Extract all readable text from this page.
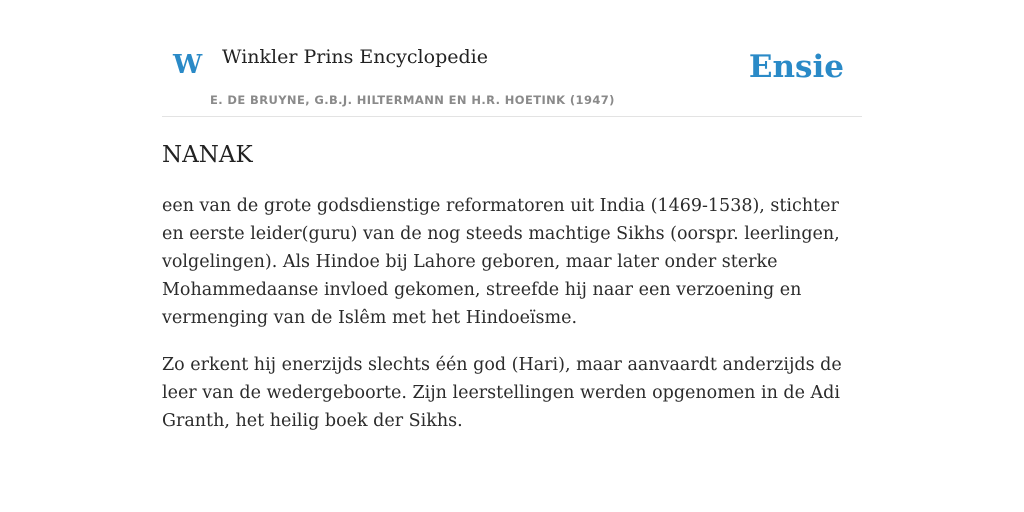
W Winkler Prins Encyclopedie
E. DE BRUYNE, G.B.J. HILTERMANN EN H.R. HOETINK (1947)
Ensie
NANAK

een van de grote godsdienstige reformatoren uit India (1469-1538), stichter en eerste leider(guru) van de nog steeds machtige Sikhs (oorspr. leerlingen, volgelingen). Als Hindoe bij Lahore geboren, maar later onder sterke Mohammedaanse invloed gekomen, streefde hij naar een verzoening en vermenging van de Islêm met het Hindoeïsme.

Zo erkent hij enerzijds slechts één god (Hari), maar aanvaardt anderzijds de leer van de wedergeboorte. Zijn leerstellingen werden opgenomen in de Adi Granth, het heilig boek der Sikhs.
